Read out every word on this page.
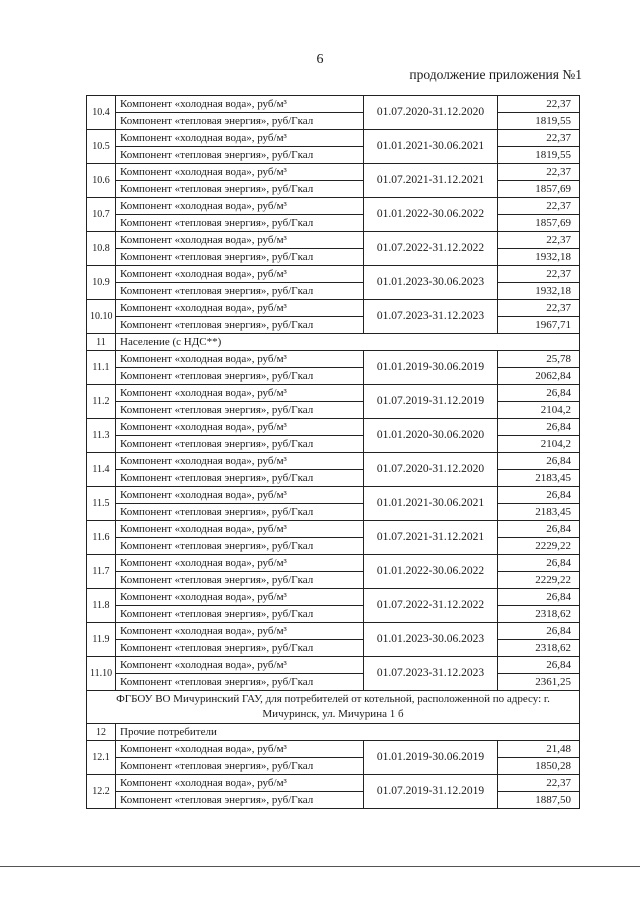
6
продолжение приложения №1
10.4	Компонент «холодная вода», руб/м³	01.07.2020-31.12.2020	22,37
	Компонент «тепловая энергия», руб/Гкал		1819,55
10.5	Компонент «холодная вода», руб/м³	01.01.2021-30.06.2021	22,37
	Компонент «тепловая энергия», руб/Гкал		1819,55
10.6	Компонент «холодная вода», руб/м³	01.07.2021-31.12.2021	22,37
	Компонент «тепловая энергия», руб/Гкал		1857,69
10.7	Компонент «холодная вода», руб/м³	01.01.2022-30.06.2022	22,37
	Компонент «тепловая энергия», руб/Гкал		1857,69
10.8	Компонент «холодная вода», руб/м³	01.07.2022-31.12.2022	22,37
	Компонент «тепловая энергия», руб/Гкал		1932,18
10.9	Компонент «холодная вода», руб/м³	01.01.2023-30.06.2023	22,37
	Компонент «тепловая энергия», руб/Гкал		1932,18
10.10	Компонент «холодная вода», руб/м³	01.07.2023-31.12.2023	22,37
	Компонент «тепловая энергия», руб/Гкал		1967,71
11	Население (с НДС**)		
11.1	Компонент «холодная вода», руб/м³	01.01.2019-30.06.2019	25,78
	Компонент «тепловая энергия», руб/Гкал		2062,84
11.2	Компонент «холодная вода», руб/м³	01.07.2019-31.12.2019	26,84
	Компонент «тепловая энергия», руб/Гкал		2104,2
11.3	Компонент «холодная вода», руб/м³	01.01.2020-30.06.2020	26,84
	Компонент «тепловая энергия», руб/Гкал		2104,2
11.4	Компонент «холодная вода», руб/м³	01.07.2020-31.12.2020	26,84
	Компонент «тепловая энергия», руб/Гкал		2183,45
11.5	Компонент «холодная вода», руб/м³	01.01.2021-30.06.2021	26,84
	Компонент «тепловая энергия», руб/Гкал		2183,45
11.6	Компонент «холодная вода», руб/м³	01.07.2021-31.12.2021	26,84
	Компонент «тепловая энергия», руб/Гкал		2229,22
11.7	Компонент «холодная вода», руб/м³	01.01.2022-30.06.2022	26,84
	Компонент «тепловая энергия», руб/Гкал		2229,22
11.8	Компонент «холодная вода», руб/м³	01.07.2022-31.12.2022	26,84
	Компонент «тепловая энергия», руб/Гкал		2318,62
11.9	Компонент «холодная вода», руб/м³	01.01.2023-30.06.2023	26,84
	Компонент «тепловая энергия», руб/Гкал		2318,62
11.10	Компонент «холодная вода», руб/м³	01.07.2023-31.12.2023	26,84
	Компонент «тепловая энергия», руб/Гкал		2361,25
ФГБОУ ВО Мичуринский ГАУ, для потребителей от котельной, расположенной по адресу: г. Мичуринск, ул. Мичурина 1 б			
12	Прочие потребители		
12.1	Компонент «холодная вода», руб/м³	01.01.2019-30.06.2019	21,48
	Компонент «тепловая энергия», руб/Гкал		1850,28
12.2	Компонент «холодная вода», руб/м³	01.07.2019-31.12.2019	22,37
	Компонент «тепловая энергия», руб/Гкал		1887,50
